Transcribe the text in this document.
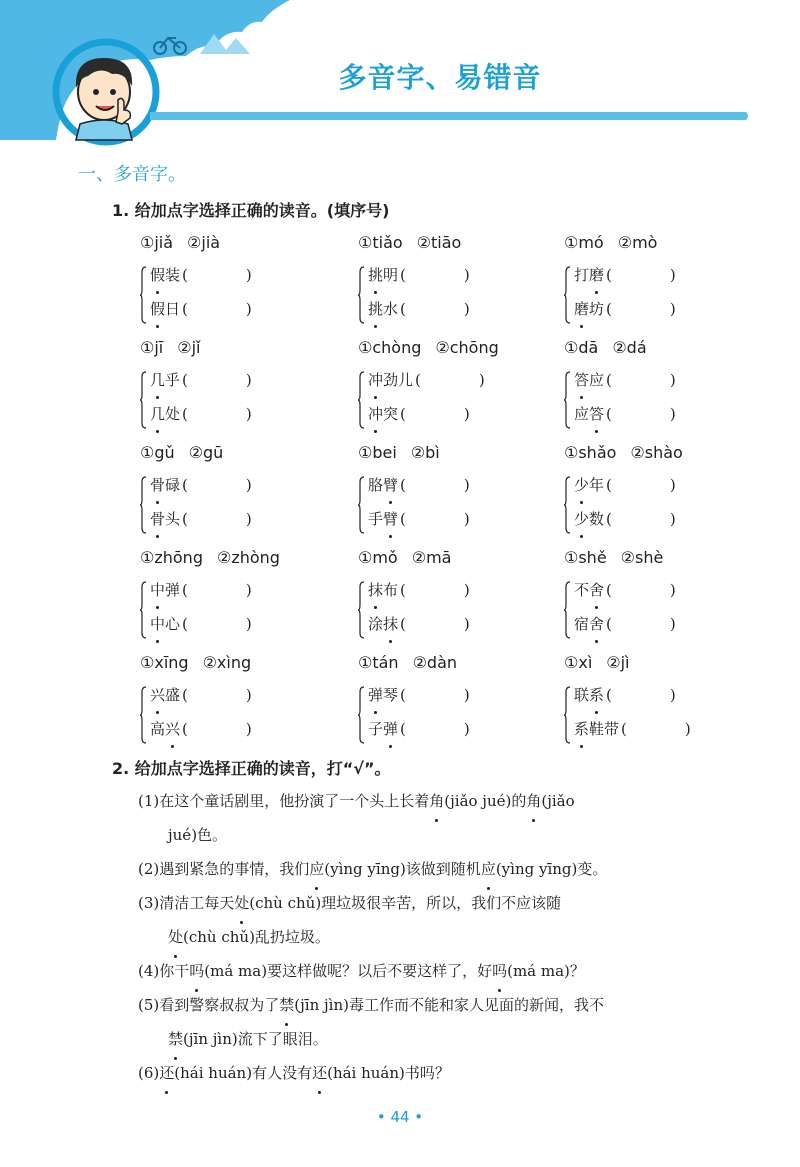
多音字、易错音
一、多音字。
1. 给加点字选择正确的读音。(填序号)
①jiǎ ②jià
假装 (	)
假日 (	)
①tiǎo ②tiāo
挑明 (	)
挑水 (	)
①mó ②mò
打磨 (	)
磨坊 (	)
①jī ②jǐ
几乎 (	)
几处 (	)
①chòng ②chōng
冲劲儿 (	)
冲突 (	)
①dā ②dá
答应 (	)
应答 (	)
①gǔ ②gū
骨碌 (	)
骨头 (	)
①bei ②bì
胳臂 (	)
手臂 (	)
①shǎo ②shào
少年 (	)
少数 (	)
①zhōng ②zhòng
中弹 (	)
中心 (	)
①mǒ ②mā
抹布 (	)
涂抹 (	)
①shě ②shè
不舍 (	)
宿舍 (	)
①xīng ②xìng
兴盛 (	)
高兴 (	)
①tán ②dàn
弹琴 (	)
子弹 (	)
①xì ②jì
联系 (	)
系鞋带 (	)
2. 给加点字选择正确的读音，打“√”。
(1)在这个童话剧里，他扮演了一个头上长着角(jiǎo jué)的角(jiǎo
jué)色。
(2)遇到紧急的事情，我们应(yìng yīng)该做到随机应(yìng yīng)变。
(3)清洁工每天处(chù chǔ)理垃圾很辛苦，所以，我们不应该随
处(chù chǔ)乱扔垃圾。
(4)你干吗(má ma)要这样做呢？以后不要这样了，好吗(má ma)？
(5)看到警察叔叔为了禁(jīn jìn)毒工作而不能和家人见面的新闻，我不
禁(jīn jìn)流下了眼泪。
(6)还(hái huán)有人没有还(hái huán)书吗？
• 44 •
